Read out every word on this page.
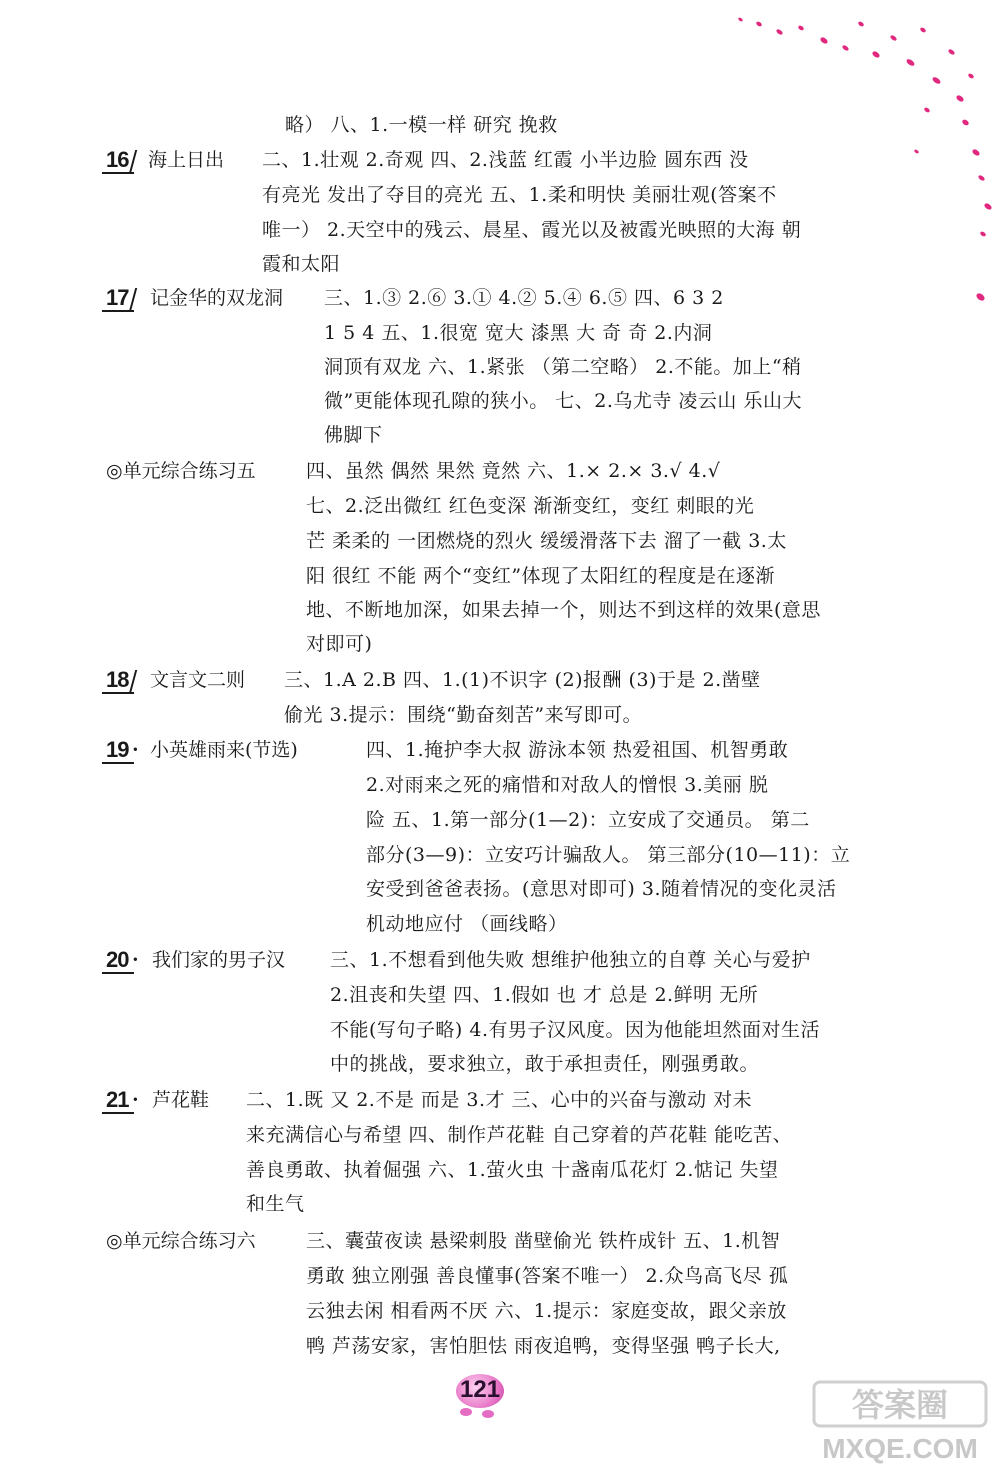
略） 八、1.一模一样 研究 挽救
16 海上日出 二、1.壮观 2.奇观 四、2.浅蓝 红霞 小半边脸 圆东西 没
有亮光 发出了夺目的亮光 五、1.柔和明快 美丽壮观(答案不
唯一） 2.天空中的残云、晨星、霞光以及被霞光映照的大海 朝
霞和太阳
17 记金华的双龙洞 三、1.③ 2.⑥ 3.① 4.② 5.④ 6.⑤ 四、6 3 2
1 5 4 五、1.很宽 宽大 漆黑 大 奇 奇 2.内洞
洞顶有双龙 六、1.紧张 （第二空略） 2.不能。加上“稍
微”更能体现孔隙的狭小。 七、2.乌尤寺 凌云山 乐山大
佛脚下
◎单元综合练习五	四、虽然 偶然 果然 竟然 六、1.× 2.× 3.√ 4.√
七、2.泛出微红 红色变深 渐渐变红，变红 刺眼的光
芒 柔柔的 一团燃烧的烈火 缓缓滑落下去 溜了一截 3.太
阳 很红 不能 两个“变红”体现了太阳红的程度是在逐渐
地、不断地加深，如果去掉一个，则达不到这样的效果(意思
对即可)
18 文言文二则 三、1.A 2.B 四、1.(1)不识字 (2)报酬 (3)于是 2.凿壁
偷光 3.提示：围绕“勤奋刻苦”来写即可。
19 • 小英雄雨来(节选)	四、1.掩护李大叔 游泳本领 热爱祖国、机智勇敢
2.对雨来之死的痛惜和对敌人的憎恨 3.美丽 脱
险 五、1.第一部分(1—2)：立安成了交通员。 第二
部分(3—9)：立安巧计骗敌人。 第三部分(10—11)：立
安受到爸爸表扬。(意思对即可) 3.随着情况的变化灵活
机动地应付 （画线略）
20 • 我们家的男子汉 三、1.不想看到他失败 想维护他独立的自尊 关心与爱护
2.沮丧和失望 四、1.假如 也 才 总是 2.鲜明 无所
不能(写句子略) 4.有男子汉风度。因为他能坦然面对生活
中的挑战，要求独立，敢于承担责任，刚强勇敢。
21 • 芦花鞋 二、1.既 又 2.不是 而是 3.才 三、心中的兴奋与激动 对未
来充满信心与希望 四、制作芦花鞋 自己穿着的芦花鞋 能吃苦、
善良勇敢、执着倔强 六、1.萤火虫 十盏南瓜花灯 2.惦记 失望
和生气
◎单元综合练习六	三、囊萤夜读 悬梁刺股 凿壁偷光 铁杵成针 五、1.机智
勇敢 独立刚强 善良懂事(答案不唯一） 2.众鸟高飞尽 孤
云独去闲 相看两不厌 六、1.提示：家庭变故，跟父亲放
鸭 芦荡安家，害怕胆怯 雨夜追鸭，变得坚强 鸭子长大,
121	答案圈
MXQE.COM
